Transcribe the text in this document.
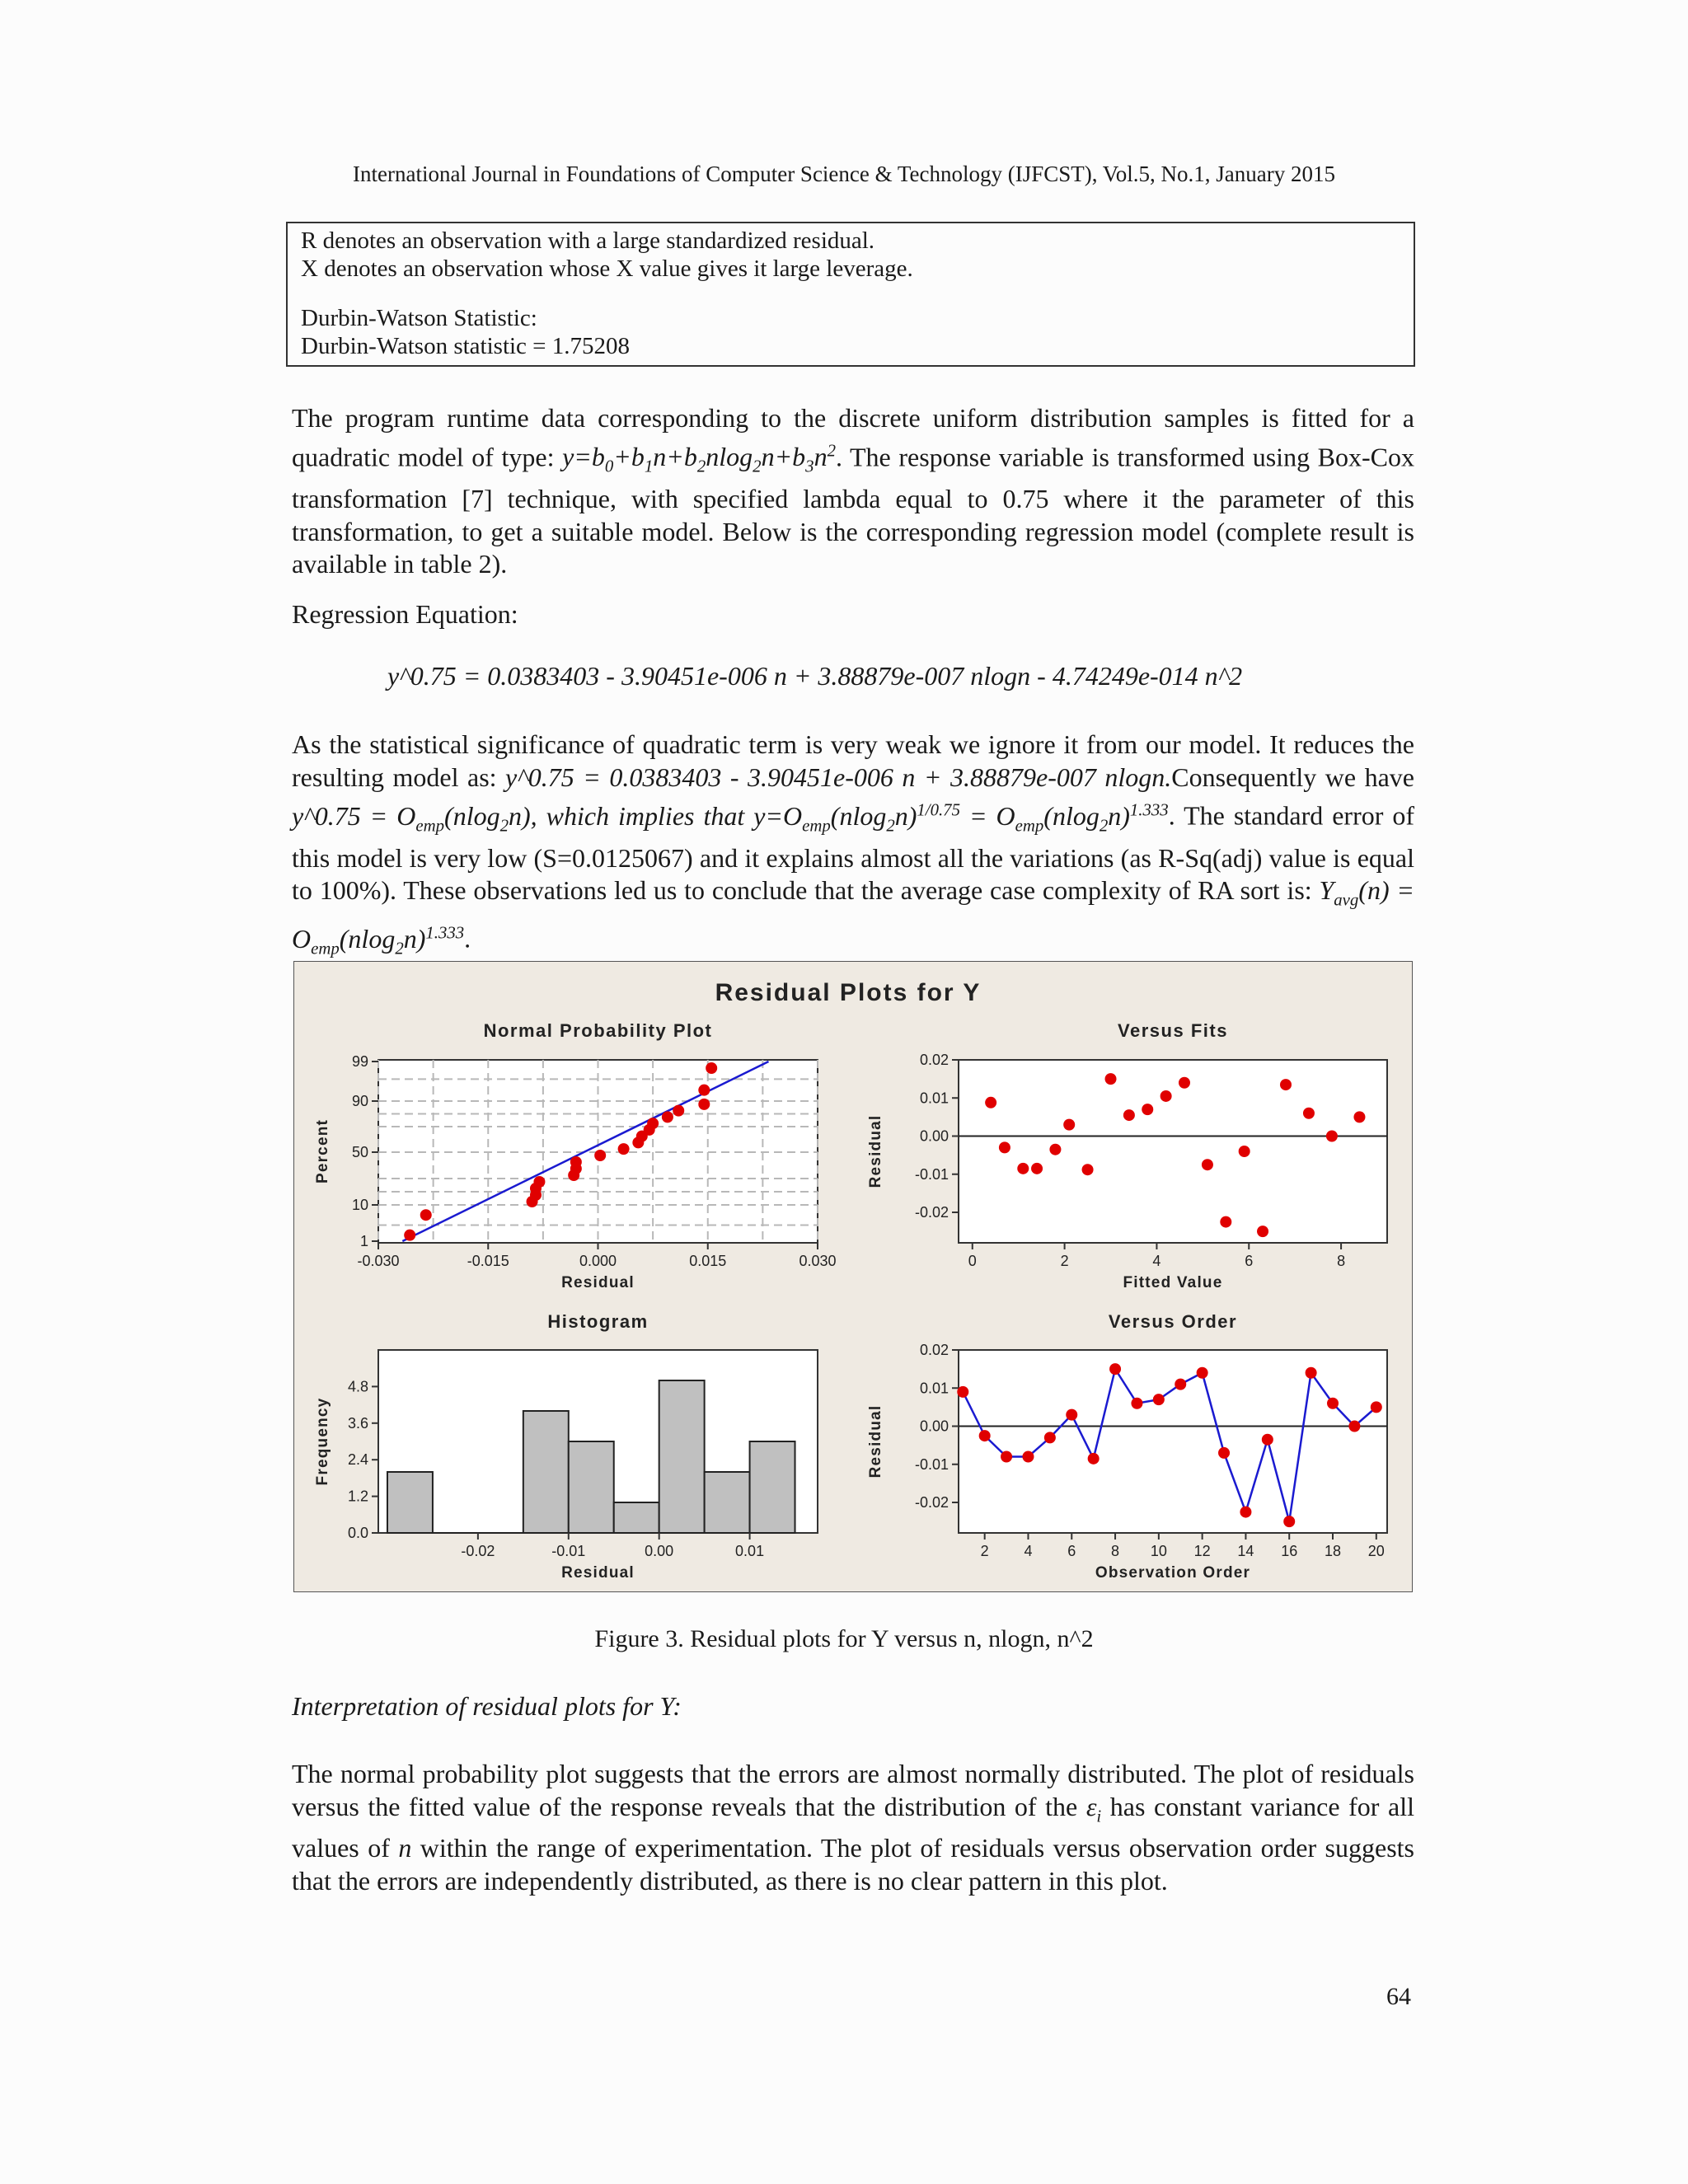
International Journal in Foundations of Computer Science & Technology (IJFCST), Vol.5, No.1, January 2015
R denotes an observation with a large standardized residual.
X denotes an observation whose X value gives it large leverage.
Durbin-Watson Statistic:
Durbin-Watson statistic = 1.75208
The program runtime data corresponding to the discrete uniform distribution samples is fitted for a quadratic model of type: $y=b_0+b_1n+b_2nlog_2n+b_3n^2$. The response variable is transformed using Box-Cox transformation [7] technique, with specified lambda equal to 0.75 where it the parameter of this transformation, to get a suitable model. Below is the corresponding regression model (complete result is available in table 2).
Regression Equation:
y^0.75 = 0.0383403 - 3.90451e-006 n + 3.88879e-007 nlogn - 4.74249e-014 n^2
As the statistical significance of quadratic term is very weak we ignore it from our model. It reduces the resulting model as: y^0.75 = 0.0383403 - 3.90451e-006 n + 3.88879e-007 nlogn.Consequently we have y^0.75 = $O_{emp}(nlog_2n)$, which implies that $y=O_{emp}(nlog_2n)^{1/0.75} = O_{emp}(nlog_2n)^{1.333}$. The standard error of this model is very low (S=0.0125067) and it explains almost all the variations (as R-Sq(adj) value is equal to 100%). These observations led us to conclude that the average case complexity of RA sort is: $Y_{avg}(n) = O_{emp}(nlog_2n)^{1.333}$.
Residual Plots for Y
Normal Probability Plot
Residual
Percent
-0.030	-0.015	0.000	0.015	0.030
1
10
50
90
99
Versus Fits
Fitted Value
Residual
0	2	4	6	8
0.02
0.01
0.00
-0.01
-0.02
Versus Order
Observation Order
Residual
2 4 6 8 10 12 14 16 18 20
0.02
0.01
0.00
-0.01
-0.02
Histogram
Residual
Frequency
-0.02	-0.01	0.00	0.01
0.0
1.2
2.4
3.6
4.8
Figure 3. Residual plots for Y versus n, nlogn, n^2
Interpretation of residual plots for Y:
The normal probability plot suggests that the errors are almost normally distributed. The plot of residuals versus the fitted value of the response reveals that the distribution of the $\varepsilon_i$ has constant variance for all values of n within the range of experimentation. The plot of residuals versus observation order suggests that the errors are independently distributed, as there is no clear pattern in this plot.
64
